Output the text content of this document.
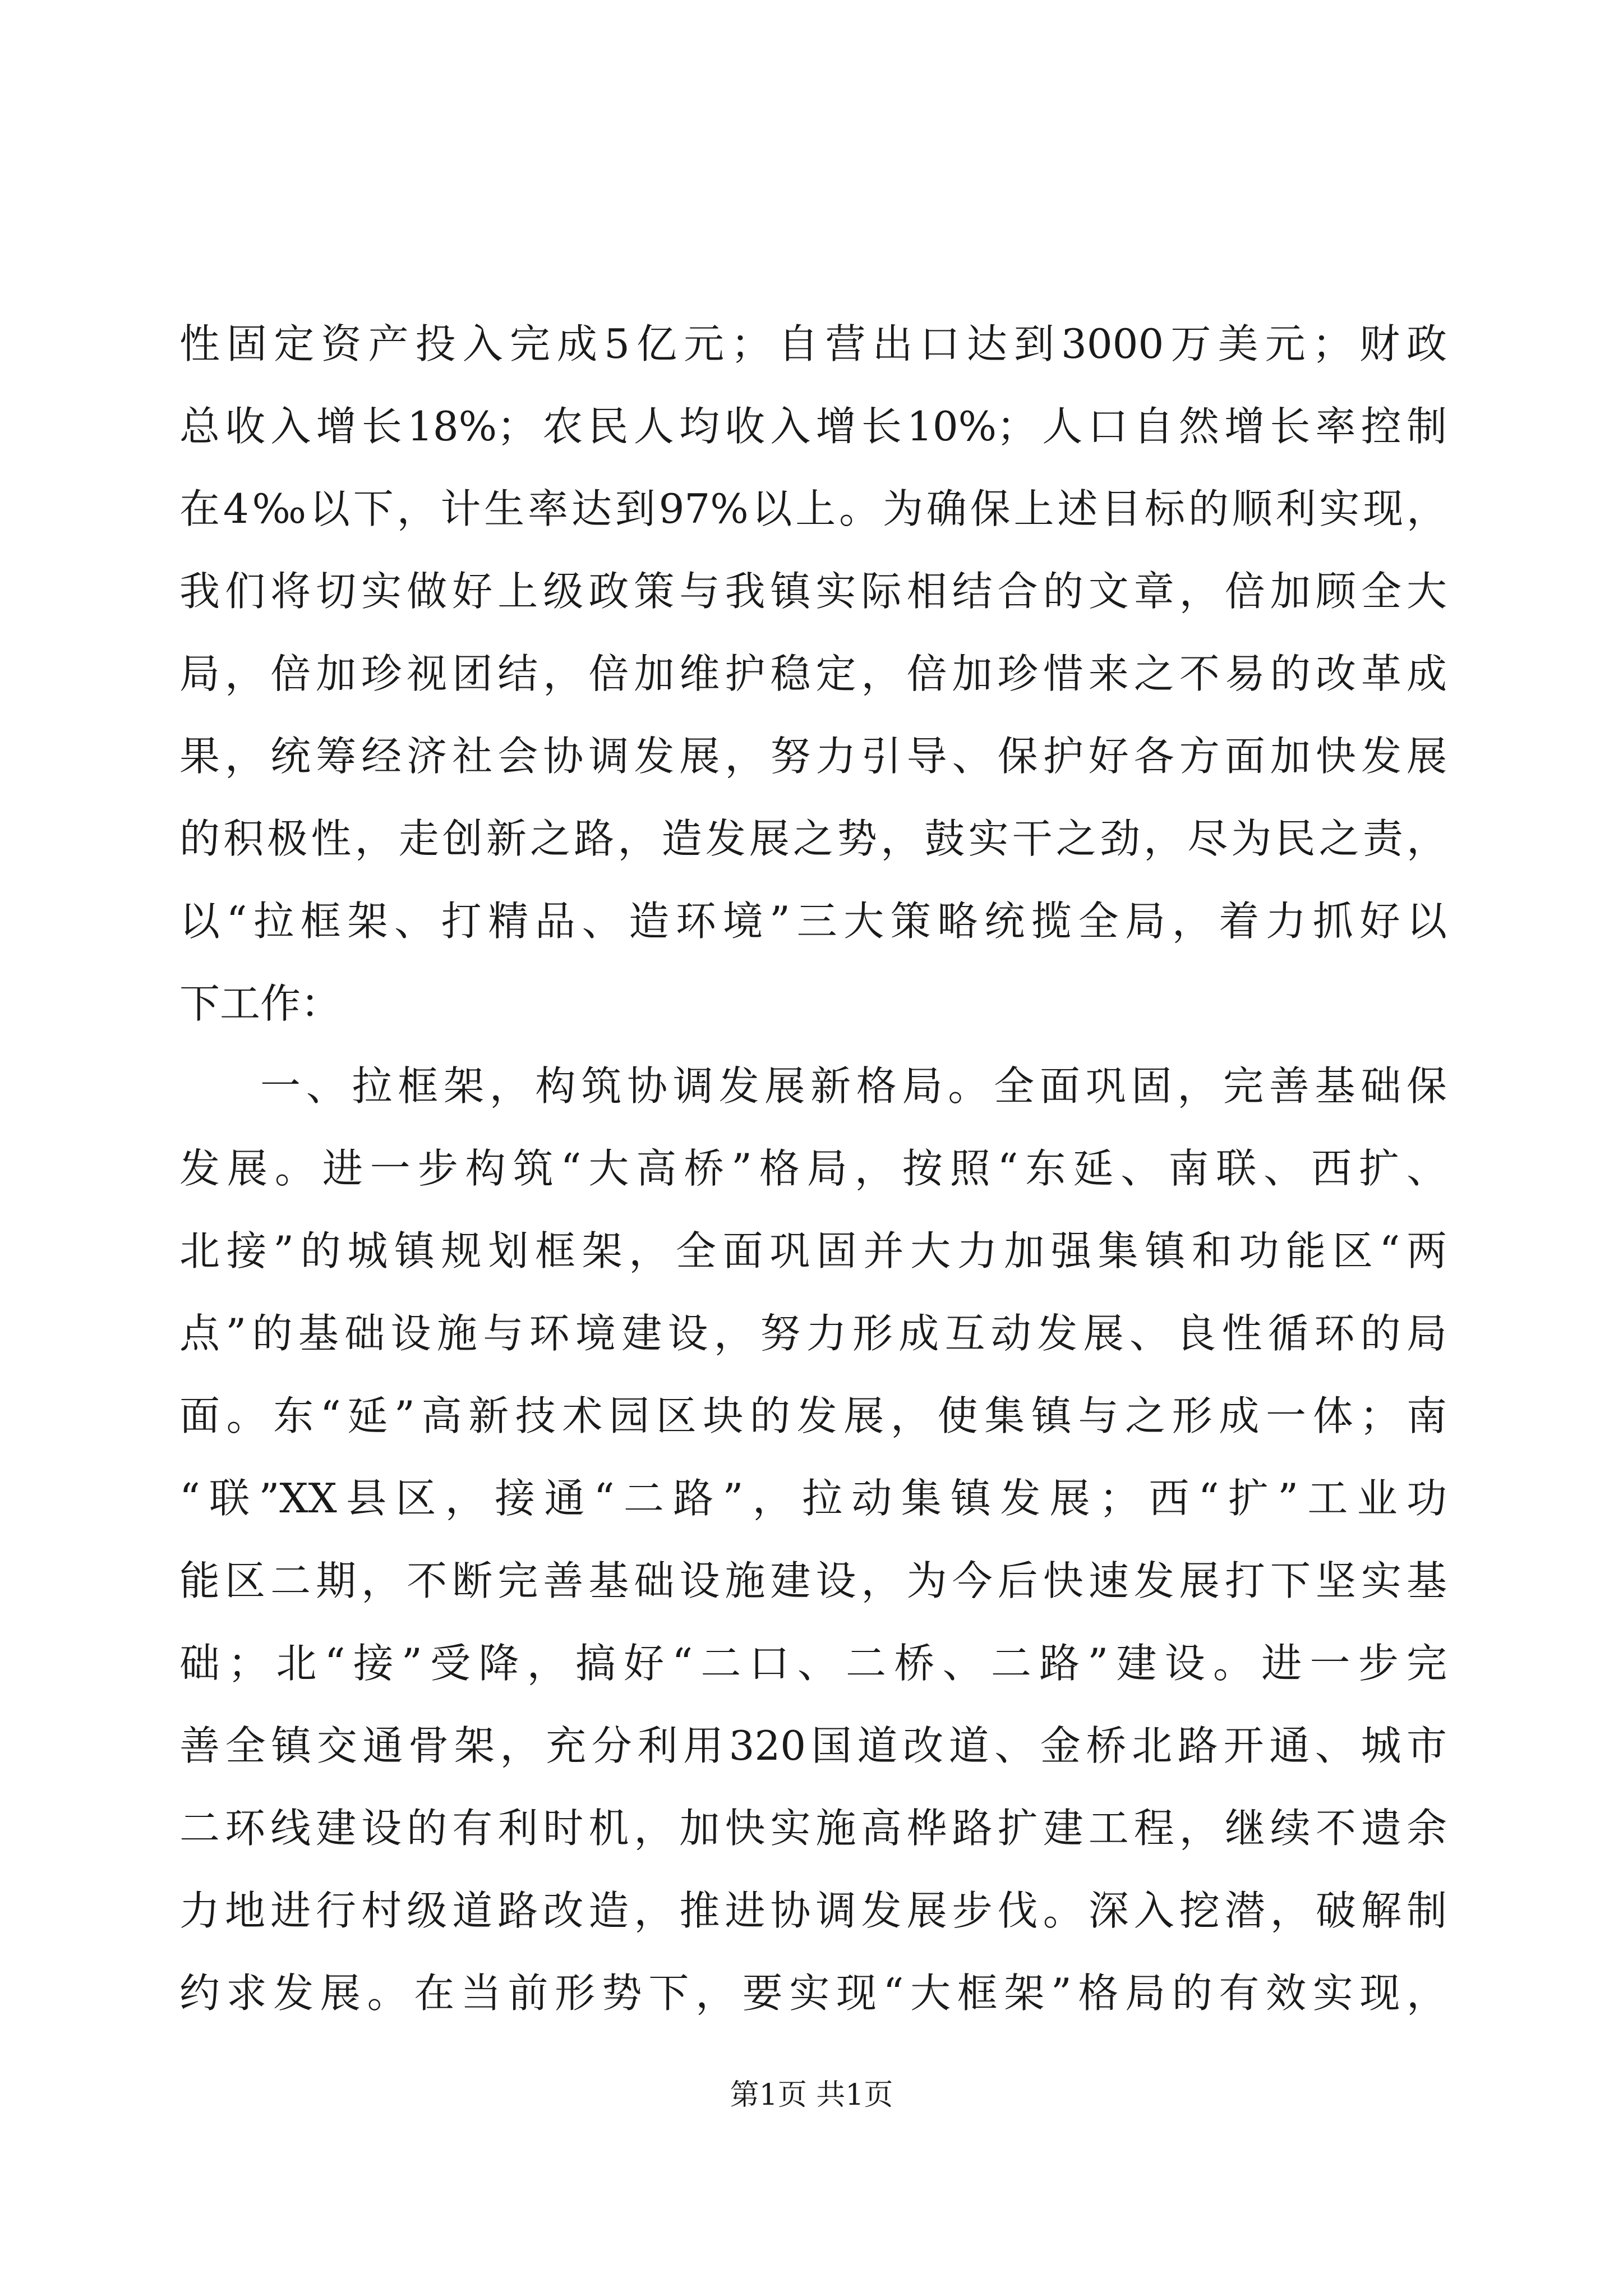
性固定资产投入完成5亿元；自营出口达到3000万美元；财政
总收入增长18%；农民人均收入增长10%；人口自然增长率控制
在4‰以下，计生率达到97%以上。为确保上述目标的顺利实现，
我们将切实做好上级政策与我镇实际相结合的文章，倍加顾全大
局，倍加珍视团结，倍加维护稳定，倍加珍惜来之不易的改革成
果，统筹经济社会协调发展，努力引导、保护好各方面加快发展
的积极性，走创新之路，造发展之势，鼓实干之劲，尽为民之责，
以“拉框架、打精品、造环境”三大策略统揽全局，着力抓好以
下工作：
一、拉框架，构筑协调发展新格局。全面巩固，完善基础保
发展。进一步构筑“大高桥”格局，按照“东延、南联、西扩、
北接”的城镇规划框架，全面巩固并大力加强集镇和功能区“两
点”的基础设施与环境建设，努力形成互动发展、良性循环的局
面。东“延”高新技术园区块的发展，使集镇与之形成一体；南
“联”XX县区，接通“二路”，拉动集镇发展；西“扩”工业功
能区二期，不断完善基础设施建设，为今后快速发展打下坚实基
础；北“接”受降，搞好“二口、二桥、二路”建设。进一步完
善全镇交通骨架，充分利用320国道改道、金桥北路开通、城市
二环线建设的有利时机，加快实施高桦路扩建工程，继续不遗余
力地进行村级道路改造，推进协调发展步伐。深入挖潜，破解制
约求发展。在当前形势下，要实现“大框架”格局的有效实现，
第1页 共1页
